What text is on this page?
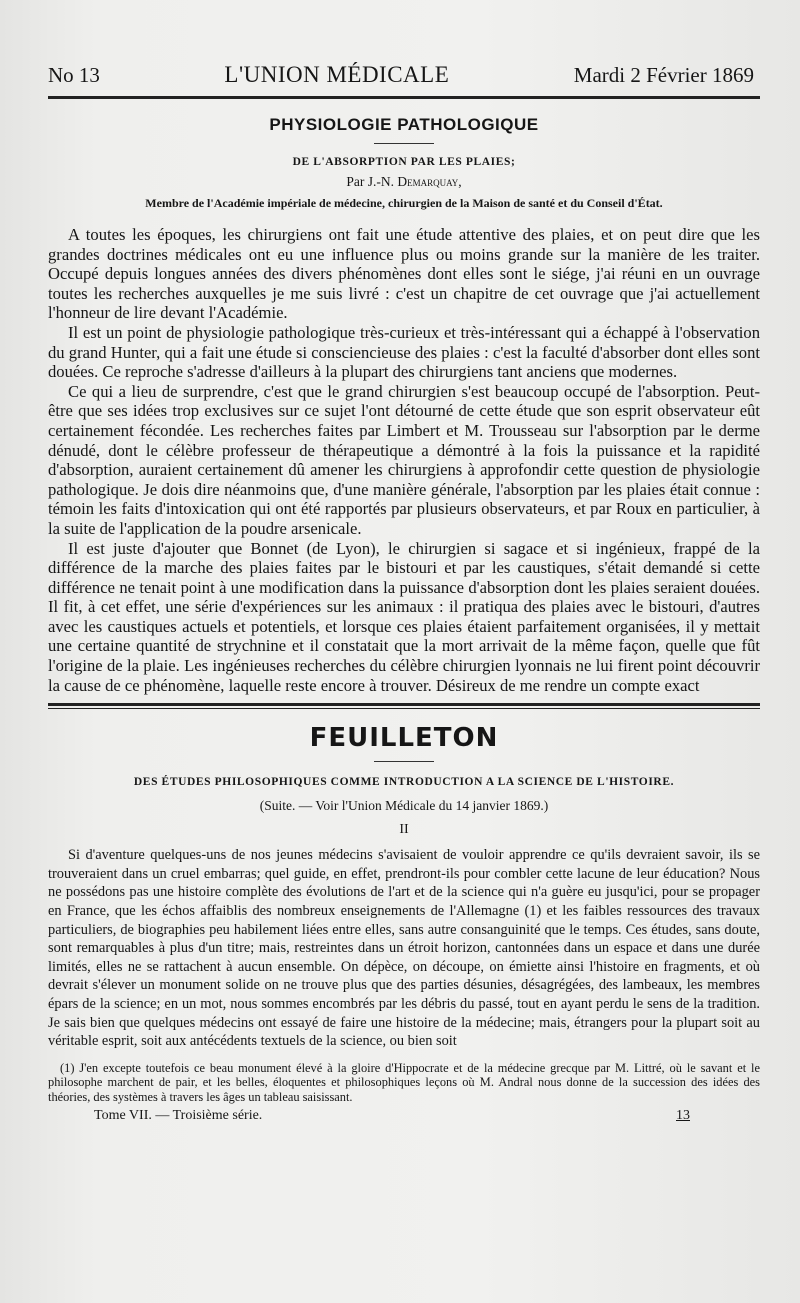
No 13	L'UNION MÉDICALE	Mardi 2 Février 1869
PHYSIOLOGIE PATHOLOGIQUE
DE L'ABSORPTION PAR LES PLAIES;
Par J.-N. Demarquay,
Membre de l'Académie impériale de médecine, chirurgien de la Maison de santé et du Conseil d'État.

A toutes les époques, les chirurgiens ont fait une étude attentive des plaies, et on peut dire que les grandes doctrines médicales ont eu une influence plus ou moins grande sur la manière de les traiter. Occupé depuis longues années des divers phénomènes dont elles sont le siége, j'ai réuni en un ouvrage toutes les recherches auxquelles je me suis livré : c'est un chapitre de cet ouvrage que j'ai actuellement l'honneur de lire devant l'Académie.

Il est un point de physiologie pathologique très-curieux et très-intéressant qui a échappé à l'observation du grand Hunter, qui a fait une étude si consciencieuse des plaies : c'est la faculté d'absorber dont elles sont douées. Ce reproche s'adresse d'ailleurs à la plupart des chirurgiens tant anciens que modernes.

Ce qui a lieu de surprendre, c'est que le grand chirurgien s'est beaucoup occupé de l'absorption. Peut-être que ses idées trop exclusives sur ce sujet l'ont détourné de cette étude que son esprit observateur eût certainement fécondée. Les recherches faites par Limbert et M. Trousseau sur l'absorption par le derme dénudé, dont le célèbre professeur de thérapeutique a démontré à la fois la puissance et la rapidité d'absorption, auraient certainement dû amener les chirurgiens à approfondir cette question de physiologie pathologique. Je dois dire néanmoins que, d'une manière générale, l'absorption par les plaies était connue : témoin les faits d'intoxication qui ont été rapportés par plusieurs observateurs, et par Roux en particulier, à la suite de l'application de la poudre arsenicale.

Il est juste d'ajouter que Bonnet (de Lyon), le chirurgien si sagace et si ingénieux, frappé de la différence de la marche des plaies faites par le bistouri et par les caustiques, s'était demandé si cette différence ne tenait point à une modification dans la puissance d'absorption dont les plaies seraient douées. Il fit, à cet effet, une série d'expériences sur les animaux : il pratiqua des plaies avec le bistouri, d'autres avec les caustiques actuels et potentiels, et lorsque ces plaies étaient parfaitement organisées, il y mettait une certaine quantité de strychnine et il constatait que la mort arrivait de la même façon, quelle que fût l'origine de la plaie. Les ingénieuses recherches du célèbre chirurgien lyonnais ne lui firent point découvrir la cause de ce phénomène, laquelle reste encore à trouver. Désireux de me rendre un compte exact

FEUILLETON
DES ÉTUDES PHILOSOPHIQUES COMME INTRODUCTION A LA SCIENCE DE L'HISTOIRE.
(Suite. — Voir l'Union Médicale du 14 janvier 1869.)
II

Si d'aventure quelques-uns de nos jeunes médecins s'avisaient de vouloir apprendre ce qu'ils devraient savoir, ils se trouveraient dans un cruel embarras; quel guide, en effet, prendront-ils pour combler cette lacune de leur éducation? Nous ne possédons pas une histoire complète des évolutions de l'art et de la science qui n'a guère eu jusqu'ici, pour se propager en France, que les échos affaiblis des nombreux enseignements de l'Allemagne (1) et les faibles ressources des travaux particuliers, de biographies peu habilement liées entre elles, sans autre consanguinité que le temps. Ces études, sans doute, sont remarquables à plus d'un titre; mais, restreintes dans un étroit horizon, cantonnées dans un espace et dans une durée limités, elles ne se rattachent à aucun ensemble. On dépèce, on découpe, on émiette ainsi l'histoire en fragments, et où devrait s'élever un monument solide on ne trouve plus que des parties désunies, désagrégées, des lambeaux, les membres épars de la science; en un mot, nous sommes encombrés par les débris du passé, tout en ayant perdu le sens de la tradition. Je sais bien que quelques médecins ont essayé de faire une histoire de la médecine; mais, étrangers pour la plupart soit au véritable esprit, soit aux antécédents textuels de la science, ou bien soit

(1) J'en excepte toutefois ce beau monument élevé à la gloire d'Hippocrate et de la médecine grecque par M. Littré, où le savant et le philosophe marchent de pair, et les belles, éloquentes et philosophiques leçons où M. Andral nous donne de la succession des idées des théories, des systèmes à travers les âges un tableau saisissant.

Tome VII. — Troisième série.	13
